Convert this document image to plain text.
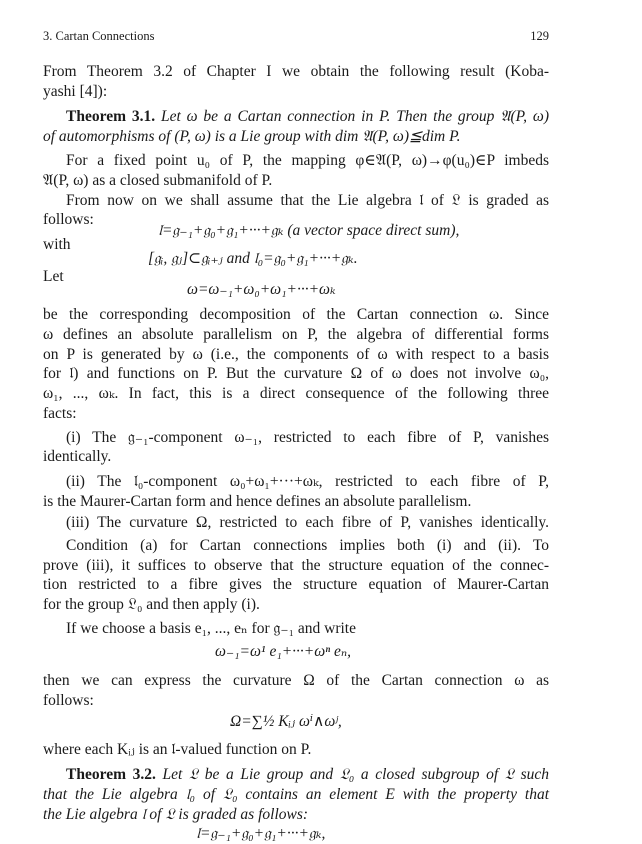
3. Cartan Connections	129
From Theorem 3.2 of Chapter I we obtain the following result (Koba-
yashi [4]):
Theorem 3.1. Let ω be a Cartan connection in P. Then the group 𝔄(P, ω)
of automorphisms of (P, ω) is a Lie group with dim 𝔄(P, ω)≦dim P.
For a fixed point u₀ of P, the mapping φ∈𝔄(P, ω)→φ(u₀)∈P imbeds
𝔄(P, ω) as a closed submanifold of P.
From now on we shall assume that the Lie algebra 𝔩 of 𝔏 is graded as
follows:
𝔩=𝔤₋₁+𝔤₀+𝔤₁+···+𝔤ₖ (a vector space direct sum),
with
[𝔤ᵢ, 𝔤ⱼ]⊂𝔤ᵢ₊ⱼ and 𝔩₀=𝔤₀+𝔤₁+···+𝔤ₖ.
Let
ω=ω₋₁+ω₀+ω₁+···+ωₖ
be the corresponding decomposition of the Cartan connection ω. Since
ω defines an absolute parallelism on P, the algebra of differential forms
on P is generated by ω (i.e., the components of ω with respect to a basis
for 𝔩) and functions on P. But the curvature Ω of ω does not involve ω₀,
ω₁, ..., ωₖ. In fact, this is a direct consequence of the following three
facts:
(i) The 𝔤₋₁-component ω₋₁, restricted to each fibre of P, vanishes
identically.
(ii) The 𝔩₀-component ω₀+ω₁+···+ωₖ, restricted to each fibre of P,
is the Maurer-Cartan form and hence defines an absolute parallelism.
(iii) The curvature Ω, restricted to each fibre of P, vanishes identically.
Condition (a) for Cartan connections implies both (i) and (ii). To
prove (iii), it suffices to observe that the structure equation of the connec-
tion restricted to a fibre gives the structure equation of Maurer-Cartan
for the group 𝔏₀ and then apply (i).
If we choose a basis e₁, ..., eₙ for 𝔤₋₁ and write
ω₋₁=ω¹ e₁+···+ωⁿ eₙ,
then we can express the curvature Ω of the Cartan connection ω as
follows:
Ω=∑½ Kᵢⱼ ωⁱ∧ωʲ,
where each Kᵢⱼ is an 𝔩-valued function on P.
Theorem 3.2. Let 𝔏 be a Lie group and 𝔏₀ a closed subgroup of 𝔏 such
that the Lie algebra 𝔩₀ of 𝔏₀ contains an element E with the property that
the Lie algebra 𝔩 of 𝔏 is graded as follows:
𝔩=𝔤₋₁+𝔤₀+𝔤₁+···+𝔤ₖ,
